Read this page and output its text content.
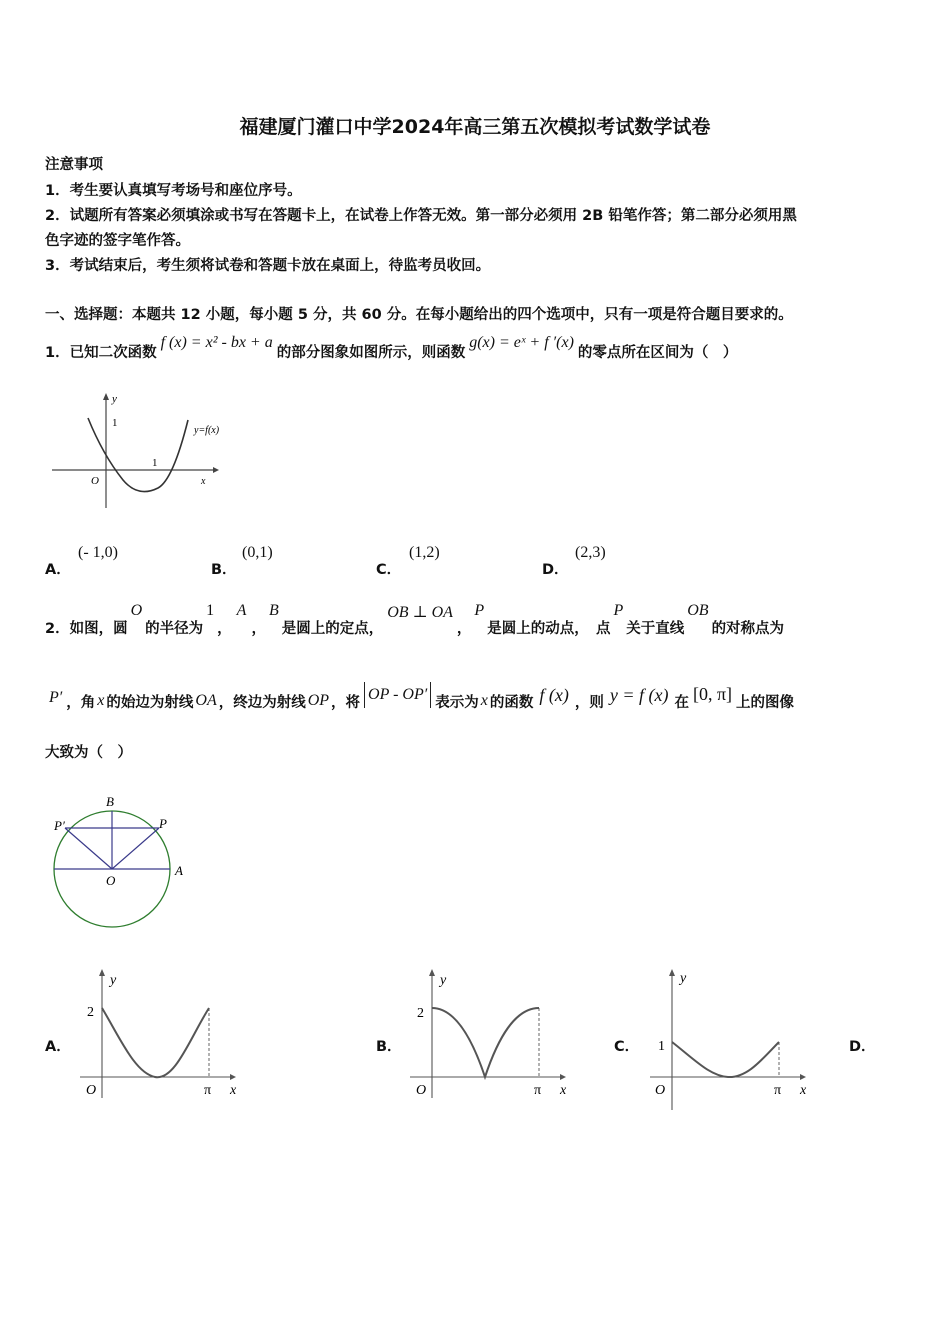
福建厦门灌口中学2024年高三第五次模拟考试数学试卷
注意事项
1．考生要认真填写考场号和座位序号。
2．试题所有答案必须填涂或书写在答题卡上，在试卷上作答无效。第一部分必须用 2B 铅笔作答；第二部分必须用黑
色字迹的签字笔作答。
3．考试结束后，考生须将试卷和答题卡放在桌面上，待监考员收回。
一、选择题：本题共 12 小题，每小题 5 分，共 60 分。在每小题给出的四个选项中，只有一项是符合题目要求的。
1．已知二次函数
f (x) = x² - bx + a
的部分图象如图所示，则函数
g(x) = eˣ + f ′(x)
的零点所在区间为（　）
y
1
1
O	x
y=f(x)
A．
(- 1,0)
B．
(0,1)
C．
(1,2)
D．
(2,3)
2．如图，圆
O
的半径为
1
，
A
，
B
是圆上的定点，
OB ⊥ OA
，
P
是圆上的动点，　点
P
关于直线
OB
的对称点为
P′ ，角 x 的始边为射线 OA ，终边为射线 OP ，将 OP - OP′ 表示为 x 的函数 f (x) ，则 y = f (x) 在 [0, π] 上的图像
大致为（　）
B
P′	P
O
A
A．	B．	C．	D．
y
2
O	π x
y
2
O	π x
y
1
O	π x
